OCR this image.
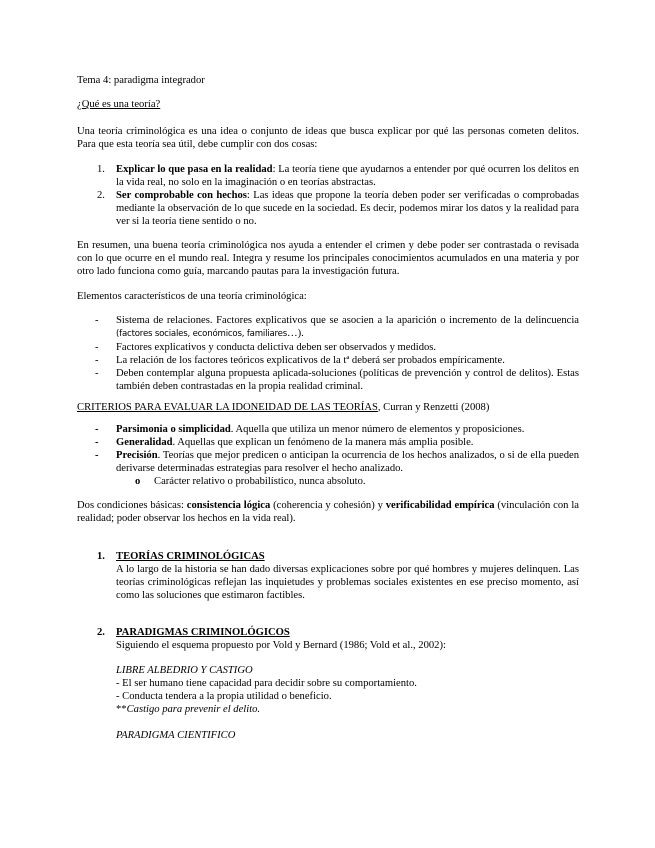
Tema 4: paradigma integrador

¿Qué es una teoría?

Una teoría criminológica es una idea o conjunto de ideas que busca explicar por qué las personas cometen delitos. Para que esta teoría sea útil, debe cumplir con dos cosas:

1. Explicar lo que pasa en la realidad: La teoría tiene que ayudarnos a entender por qué ocurren los delitos en la vida real, no solo en la imaginación o en teorías abstractas.
2. Ser comprobable con hechos: Las ideas que propone la teoría deben poder ser verificadas o comprobadas mediante la observación de lo que sucede en la sociedad. Es decir, podemos mirar los datos y la realidad para ver si la teoría tiene sentido o no.

En resumen, una buena teoría criminológica nos ayuda a entender el crimen y debe poder ser contrastada o revisada con lo que ocurre en el mundo real. Integra y resume los principales conocimientos acumulados en una materia y por otro lado funciona como guía, marcando pautas para la investigación futura.

Elementos característicos de una teoría criminológica:

- Sistema de relaciones. Factores explicativos que se asocien a la aparición o incremento de la delincuencia (factores sociales, económicos, familiares…).
- Factores explicativos y conducta delictiva deben ser observados y medidos.
- La relación de los factores teóricos explicativos de la tª deberá ser probados empíricamente.
- Deben contemplar alguna propuesta aplicada-soluciones (políticas de prevención y control de delitos). Estas también deben contrastadas en la propia realidad criminal.

CRITERIOS PARA EVALUAR LA IDONEIDAD DE LAS TEORÍAS, Curran y Renzetti (2008)

- Parsimonia o simplicidad. Aquella que utiliza un menor número de elementos y proposiciones.
- Generalidad. Aquellas que explican un fenómeno de la manera más amplia posible.
- Precisión. Teorías que mejor predicen o anticipan la ocurrencia de los hechos analizados, o si de ella pueden derivarse determinadas estrategias para resolver el hecho analizado.

o Carácter relativo o probabilístico, nunca absoluto.

Dos condiciones básicas: consistencia lógica (coherencia y cohesión) y verificabilidad empírica (vinculación con la realidad; poder observar los hechos en la vida real).

1. TEORÍAS CRIMINOLÓGICAS

A lo largo de la historia se han dado diversas explicaciones sobre por qué hombres y mujeres delinquen. Las teorías criminológicas reflejan las inquietudes y problemas sociales existentes en ese preciso momento, así como las soluciones que estimaron factibles.

2. PARADIGMAS CRIMINOLÓGICOS

Siguiendo el esquema propuesto por Vold y Bernard (1986; Vold et al., 2002):

LIBRE ALBEDRIO Y CASTIGO

- El ser humano tiene capacidad para decidir sobre su comportamiento.

- Conducta tendera a la propia utilidad o beneficio.

**Castigo para prevenir el delito.

PARADIGMA CIENTIFICO
